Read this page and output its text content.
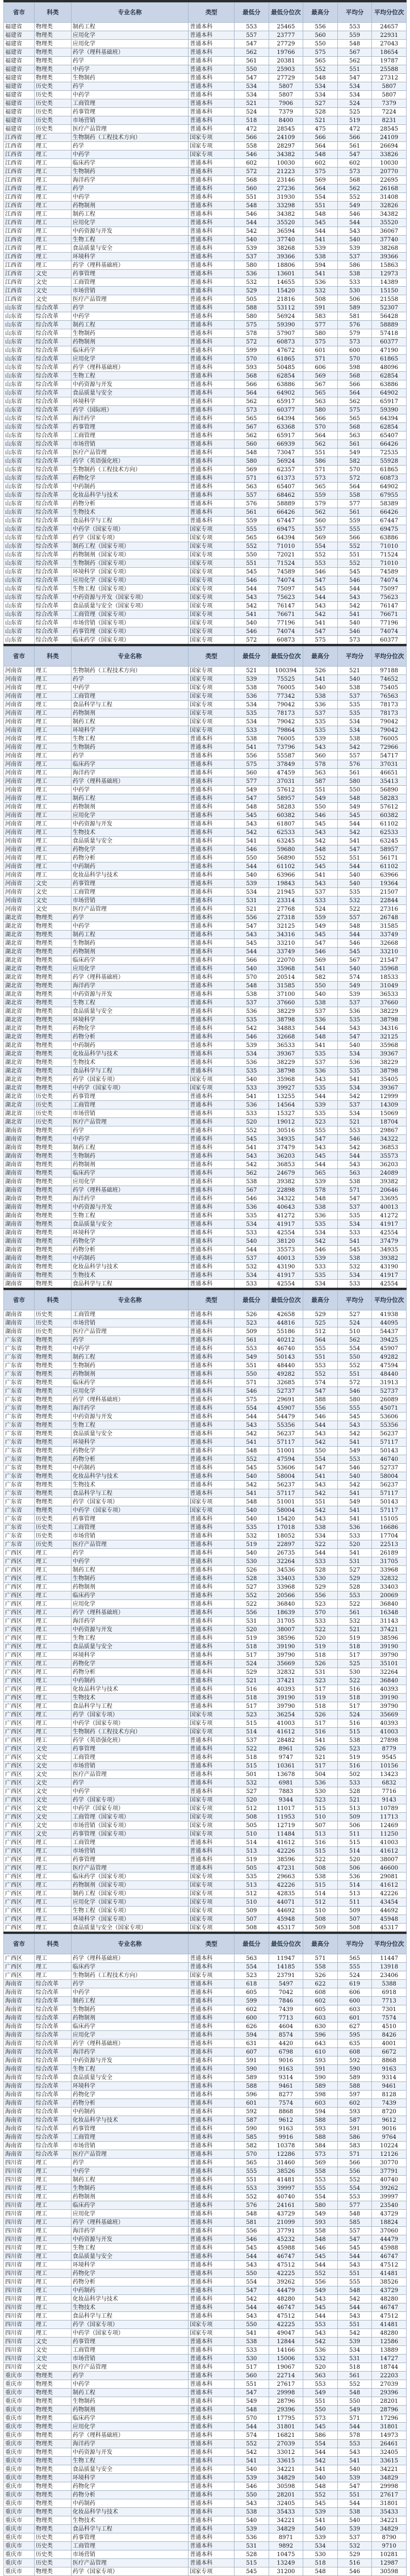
省市	科类	专业名称	类型	最低分	最低分位次	最高分	平均分	平均分位次
福建省	物理类	制药工程	普通本科	553	25465	556	553	24657
福建省	物理类	应用化学	普通本科	557	23777	560	559	22931
福建省	物理类	应用化学	普通本科	547	27729	550	548	27043
福建省	物理类	药学（理科基础班）	普通本科	562	19766	575	567	18654
福建省	物理类	药学	普通本科	561	20381	565	562	19787
福建省	物理类	中药学	普通本科	550	25903	552	551	25588
福建省	物理类	生物制药	普通本科	547	27729	548	547	27312
福建省	历史类	药学	普通本科	534	5807	534	534	5807
福建省	历史类	中药学	普通本科	534	5807	534	534	5807
福建省	历史类	工商管理	普通本科	521	7906	527	524	7379
福建省	历史类	药事管理	普通本科	524	7379	528	525	7224
福建省	历史类	市场营销	普通本科	518	8400	521	519	8231
福建省	历史类	医疗产品管理	普通本科	472	28545	475	472	28545
江西省	理工	生物制药（工程技术方向）	国家专项	566	24109	566	566	24109
江西省	理工	药学	国家专项	558	28297	564	561	26694
江西省	理工	中药学	国家专项	546	34382	548	547	33826
江西省	理工	临床药学	普通本科	602	10030	602	602	10030
江西省	理工	生物制药	普通本科	572	21223	575	573	20770
江西省	理工	海洋药学	普通本科	568	23146	569	568	22695
江西省	理工	药学	普通本科	560	27236	564	562	26168
江西省	理工	中药学	普通本科	551	31930	554	552	31408
江西省	理工	药物制剂	普通本科	548	33298	551	549	32826
江西省	理工	制药工程	普通本科	546	34382	548	546	34382
江西省	理工	应用化学	普通本科	544	35520	545	544	35520
江西省	理工	中药资源与开发	普通本科	542	36594	544	543	36067
江西省	理工	生物工程	普通本科	540	37740	541	540	37740
江西省	理工	食品质量与安全	普通本科	539	38268	539	539	38268
江西省	理工	环境科学	普通本科	537	39366	538	537	39366
江西省	理工	药学（理科基础班）	普通本科	580	18806	594	586	15863
江西省	文史	药事管理	普通本科	536	13601	541	538	12973
江西省	文史	工商管理	普通本科	532	14655	536	533	14389
江西省	文史	市场营销	普通本科	529	15420	532	530	15150
江西省	文史	医疗产品管理	普通本科	505	21816	508	506	21558
山东省	综合改革	药学	普通本科	588	53112	591	589	52307
山东省	综合改革	中药学	普通本科	580	56924	583	581	56428
山东省	综合改革	制药工程	普通本科	575	59390	577	576	58889
山东省	综合改革	生物制药	普通本科	578	57907	580	579	57418
山东省	综合改革	药物制剂	普通本科	572	60873	575	573	60377
山东省	综合改革	临床药学	普通本科	599	47672	601	600	47190
山东省	综合改革	应用化学	普通本科	570	61865	571	570	61865
山东省	综合改革	药学（理科基础班）	普通本科	593	50485	606	598	48096
山东省	综合改革	生物工程	普通本科	568	62854	569	568	62854
山东省	综合改革	中药资源与开发	普通本科	566	63886	567	566	63886
山东省	综合改革	食品质量与安全	普通本科	564	64902	565	564	64902
山东省	综合改革	环境科学	普通本科	562	65917	563	562	65917
山东省	综合改革	药学（国际班）	普通本科	573	60377	580	575	59390
山东省	综合改革	海洋药学	普通本科	565	64394	566	565	64394
山东省	综合改革	药事管理	普通本科	567	63368	570	568	62854
山东省	综合改革	工商管理	普通本科	562	65917	564	563	65407
山东省	综合改革	市场营销	普通本科	560	66939	562	561	66426
山东省	综合改革	医疗产品管理	普通本科	548	73047	551	549	72535
山东省	综合改革	药学（英语强化班）	普通本科	580	56924	586	582	55928
山东省	综合改革	生物制药（工程技术方向）	普通本科	569	62357	571	570	61865
山东省	综合改革	药物化学	普通本科	571	61373	573	572	60873
山东省	综合改革	中药制药	普通本科	563	65407	565	564	64902
山东省	综合改革	化妆品科学与技术	普通本科	557	68462	559	558	67955
山东省	综合改革	药物分析	普通本科	576	58889	579	577	58389
山东省	综合改革	生物技术	普通本科	561	66426	562	561	66426
山东省	综合改革	食品科学与工程	普通本科	559	67447	560	559	67447
山东省	综合改革	中药学（国家专项）	国家专项	555	69475	557	555	69475
山东省	综合改革	药学（国家专项）	国家专项	565	64394	569	566	63886
山东省	综合改革	制药工程（国家专项）	国家专项	552	71010	554	552	71010
山东省	综合改革	药物制剂（国家专项）	国家专项	550	72021	552	551	71524
山东省	综合改革	生物制药（国家专项）	国家专项	551	71524	553	552	71010
山东省	综合改革	环境科学（国家专项）	国家专项	545	74589	546	545	74589
山东省	综合改革	应用化学（国家专项）	国家专项	546	74074	547	546	74074
山东省	综合改革	生物工程（国家专项）	国家专项	544	75097	545	544	75097
山东省	综合改革	中药资源与开发（国家专项）	国家专项	543	75623	544	543	75623
山东省	综合改革	食品质量与安全（国家专项）	国家专项	542	76147	543	542	76147
山东省	综合改革	工商管理（国家专项）	国家专项	541	76671	542	541	76671
山东省	综合改革	市场营销（国家专项）	国家专项	540	77196	541	540	77196
山东省	综合改革	药事管理（国家专项）	国家专项	546	74074	547	546	74074
山东省	综合改革	临床药学（国家专项）	国家专项	572	60873	575	573	60377
省市	科类	专业名称	类型	最低分	最低分位次	最高分	平均分	平均分位次
河南省	理工	生物制药（工程技术方向）	国家专项	521	100394	526	521	97188
河南省	理工	药学	国家专项	539	75525	541	540	74652
河南省	理工	中药学	国家专项	538	76005	540	538	75405
河南省	理工	工商管理	国家专项	536	77342	538	537	76563
河南省	理工	食品科学与工程	国家专项	534	79042	536	535	78173
河南省	理工	药物制剂	国家专项	535	78173	537	535	78173
河南省	理工	制药工程	国家专项	534	79042	535	534	79042
河南省	理工	环境科学	国家专项	533	79864	535	534	79042
河南省	理工	生物工程	普通本科	538	76005	539	538	76005
河南省	理工	生物制药	普通本科	541	73796	543	542	72966
河南省	理工	药学	普通本科	556	55587	560	557	54717
河南省	理工	临床药学	普通本科	575	37849	578	576	37031
河南省	理工	海洋药学	普通本科	560	47459	563	561	46651
河南省	理工	药学（理科基础班）	普通本科	577	37031	587	580	35413
河南省	理工	中药学	普通本科	549	57612	551	550	56890
河南省	理工	制药工程	普通本科	547	58957	549	548	58283
河南省	理工	药物制剂	普通本科	548	58283	550	549	57612
河南省	理工	应用化学	普通本科	545	60382	546	545	60382
河南省	理工	中药资源与开发	普通本科	543	61807	545	544	61102
河南省	理工	生物技术	普通本科	542	62533	543	542	62533
河南省	理工	食品质量与安全	普通本科	541	63245	542	541	63245
河南省	理工	药物化学	普通本科	546	59680	548	547	58957
河南省	理工	药物分析	普通本科	550	56890	552	551	56171
河南省	理工	中药制药	普通本科	544	61102	545	544	61102
河南省	理工	化妆品科学与技术	普通本科	540	63966	541	540	63966
河南省	文史	药事管理	普通本科	539	19843	543	540	19364
河南省	文史	工商管理	普通本科	534	21945	537	535	21507
河南省	文史	市场营销	普通本科	531	23314	533	532	22844
河南省	文史	医疗产品管理	普通本科	521	27768	524	522	27316
湖北省	物理类	药学	普通本科	556	27318	559	557	26748
湖北省	物理类	中药学	普通本科	547	32125	549	548	31585
湖北省	物理类	制药工程	普通本科	543	34316	545	544	33749
湖北省	物理类	生物制药	普通本科	545	33210	547	546	32668
湖北省	物理类	药物制剂	普通本科	544	33749	546	545	33210
湖北省	物理类	临床药学	普通本科	566	22070	569	567	21547
湖北省	物理类	应用化学	普通本科	540	35968	541	540	35968
湖北省	物理类	药学（理科基础班）	普通本科	570	20514	582	574	18533
湖北省	物理类	海洋药学	普通本科	548	31585	550	549	31049
湖北省	物理类	中药资源与开发	普通本科	538	37100	540	539	36533
湖北省	物理类	生物工程	普通本科	537	37660	538	537	37660
湖北省	物理类	食品质量与安全	普通本科	536	38229	537	536	38229
湖北省	物理类	环境科学	普通本科	535	38798	536	535	38798
湖北省	物理类	药物化学	普通本科	542	34883	544	543	34316
湖北省	物理类	药物分析	普通本科	546	32668	548	547	32125
湖北省	物理类	中药制药	普通本科	539	36533	541	540	35968
湖北省	物理类	化妆品科学与技术	普通本科	534	39367	535	534	39367
湖北省	物理类	生物技术	普通本科	536	38229	537	536	38229
湖北省	物理类	食品科学与工程	普通本科	535	38798	536	535	38798
湖北省	物理类	药学（国家专项）	国家专项	540	35968	543	541	35405
湖北省	物理类	中药学（国家专项）	国家专项	533	39927	535	534	39367
湖北省	历史类	药事管理	普通本科	541	13255	544	542	12999
湖北省	历史类	工商管理	普通本科	536	14564	539	537	14309
湖北省	历史类	市场营销	普通本科	533	15327	535	534	15069
湖北省	历史类	医疗产品管理	普通本科	520	19012	523	521	18704
湖南省	物理类	药学	普通本科	552	30516	555	553	29867
湖南省	物理类	中药学	普通本科	545	34935	547	546	34322
湖南省	物理类	制药工程	普通本科	541	37479	543	542	36853
湖南省	物理类	生物制药	普通本科	543	36203	545	544	35573
湖南省	物理类	药物制剂	普通本科	542	36853	544	543	36203
湖南省	物理类	临床药学	普通本科	562	24679	565	563	24089
湖南省	物理类	应用化学	普通本科	538	39382	539	538	39382
湖南省	物理类	药学（理科基础班）	普通本科	567	22898	578	571	20646
湖南省	物理类	海洋药学	普通本科	546	34322	548	547	33695
湖南省	物理类	中药资源与开发	普通本科	536	40643	538	537	40013
湖南省	物理类	生物工程	普通本科	535	41272	536	535	41272
湖南省	物理类	食品质量与安全	普通本科	534	41917	535	534	41917
湖南省	物理类	环境科学	普通本科	533	42554	534	533	42554
湖南省	物理类	药物化学	普通本科	540	38120	542	541	37479
湖南省	物理类	药物分析	普通本科	544	35573	546	545	34935
湖南省	物理类	中药制药	普通本科	537	40013	539	538	39382
湖南省	物理类	化妆品科学与技术	普通本科	532	43190	533	532	43190
湖南省	物理类	生物技术	普通本科	534	41917	535	534	41917
湖南省	物理类	食品科学与工程	普通本科	533	42554	534	533	42554

省市	科类	专业名称	类型	最低分	最低分位次	最高分	平均分	平均分位次
湖南省	历史类	工商管理	普通本科	526	42658	529	527	41938
湖南省	历史类	市场营销	普通本科	523	44816	525	524	44095
湖南省	历史类	医疗产品管理	普通本科	509	55186	512	510	54437
广东省	物理类	药学	普通本科	561	40212	564	562	39425
广东省	物理类	中药学	普通本科	553	46740	555	554	45907
广东省	物理类	制药工程	普通本科	549	50143	551	550	49282
广东省	物理类	生物制药	普通本科	551	48440	553	552	47594
广东省	物理类	药物制剂	普通本科	550	49282	552	551	48440
广东省	物理类	临床药学	普通本科	571	32685	574	572	31913
广东省	物理类	应用化学	普通本科	546	52737	547	546	52737
广东省	物理类	药学（理科基础班）	普通本科	575	29691	588	580	26089
广东省	物理类	海洋药学	普通本科	554	45907	556	555	45071
广东省	物理类	中药资源与开发	普通本科	544	54479	546	545	53606
广东省	物理类	生物工程	普通本科	543	55356	544	543	55356
广东省	物理类	食品质量与安全	普通本科	542	56237	543	542	56237
广东省	物理类	环境科学	普通本科	541	57117	542	541	57117
广东省	物理类	药物化学	普通本科	548	51001	550	549	50143
广东省	物理类	药物分析	普通本科	552	47594	554	553	46740
广东省	物理类	中药制药	普通本科	545	53606	547	546	52737
广东省	物理类	化妆品科学与技术	普通本科	540	58004	541	540	58004
广东省	物理类	生物技术	普通本科	542	56237	543	542	56237
广东省	物理类	食品科学与工程	普通本科	541	57117	542	541	57117
广东省	物理类	药学（国家专项）	国家专项	548	51001	551	549	50143
广东省	物理类	中药学（国家专项）	国家专项	540	58004	542	541	57117
广东省	历史类	药事管理	普通本科	540	15420	543	541	15105
广东省	历史类	工商管理	普通本科	535	17018	538	536	16686
广东省	历史类	市场营销	普通本科	532	18052	534	533	17704
广东省	历史类	医疗产品管理	普通本科	519	22897	522	520	22513
广西区	理工	药学	普通本科	540	26735	544	541	26189
广西区	理工	中药学	普通本科	530	32264	533	531	31705
广西区	理工	制药工程	普通本科	526	34536	528	527	33968
广西区	理工	生物制药	普通本科	528	33403	530	529	32832
广西区	理工	药物制剂	普通本科	527	33968	529	528	33403
广西区	理工	临床药学	普通本科	552	20566	556	553	20069
广西区	理工	应用化学	普通本科	522	36840	523	522	36840
广西区	理工	药学（理科基础班）	普通本科	556	18639	570	561	16348
广西区	理工	海洋药学	普通本科	531	31705	533	532	31143
广西区	理工	中药资源与开发	普通本科	520	38007	522	521	37421
广西区	理工	生物工程	普通本科	519	38596	520	519	38596
广西区	理工	食品质量与安全	普通本科	518	39190	519	518	39190
广西区	理工	环境科学	普通本科	517	39790	518	517	39790
广西区	理工	药物化学	普通本科	524	35669	526	525	35101
广西区	理工	药物分析	普通本科	529	32832	531	530	32264
广西区	理工	中药制药	普通本科	521	37421	523	522	36840
广西区	理工	化妆品科学与技术	普通本科	516	40393	517	516	40393
广西区	理工	生物技术	普通本科	518	39190	519	518	39190
广西区	理工	食品科学与工程	普通本科	517	39790	518	517	39790
广西区	理工	药学（国家专项）	国家专项	523	36254	526	524	35669
广西区	理工	中药学（国家专项）	国家专项	515	41003	517	516	40393
广西区	理工	生物制药（工程技术方向）	国家专项	514	41612	516	515	41003
广西区	理工	药学（英语强化班）	普通本科	537	28482	541	538	27898
广西区	文史	药事管理	普通本科	522	8961	526	523	8779
广西区	文史	工商管理	普通本科	518	9747	521	519	9545
广西区	文史	市场营销	普通本科	515	10361	517	516	10156
广西区	文史	医疗产品管理	普通本科	501	13678	504	502	13423
广西区	文史	药学	普通本科	532	6981	536	533	6832
广西区	文史	中药学	普通本科	527	7883	530	528	7716
广西区	文史	药学（国家专项）	国家专项	520	9344	523	521	9143
广西区	文史	中药学（国家专项）	国家专项	512	11017	515	513	10789
广西区	文史	工商管理（国家专项）	国家专项	508	11953	510	509	11713
广西区	文史	市场营销（国家专项）	国家专项	505	12719	507	506	12469
广西区	文史	药事管理（国家专项）	国家专项	510	11484	513	511	11250
广西区	理工	工商管理	普通本科	514	41612	516	515	41003
广西区	理工	市场营销	普通本科	513	42226	515	514	41612
广西区	理工	药事管理	普通本科	519	38596	522	520	38007
广西区	理工	医疗产品管理	普通本科	505	47231	508	506	46600
广西区	理工	临床药学（国家专项）	国家专项	535	29663	538	536	29081
广西区	理工	药物制剂（国家专项）	国家专项	513	42226	515	514	41612
广西区	理工	制药工程（国家专项）	国家专项	512	42835	514	513	42226
广西区	理工	应用化学（国家专项）	国家专项	510	44071	512	511	43454
广西区	理工	生物工程（国家专项）	国家专项	509	44692	510	509	44692
广西区	理工	环境科学（国家专项）	国家专项	507	45948	508	507	45948
广西区	理工	食品质量与安全（国家专项）	国家专项	508	45317	509	508	45317

省市	科类	专业名称	类型	最低分	最低分位次	最高分	平均分	平均分位次
广西区	理工	药学（理科基础班）	普通本科	563	11947	571	565	11447
广西区	理工	临床药学	普通本科	554	14185	558	555	13918
广西区	理工	生物制药（工程技术方向）	国家专项	523	23791	526	524	23406
海南省	综合改革	药学	普通本科	618	5497	622	619	5388
海南省	综合改革	中药学	普通本科	605	7042	608	606	6918
海南省	综合改革	制药工程	普通本科	599	7846	602	600	7713
海南省	综合改革	生物制药	普通本科	602	7439	605	603	7301
海南省	综合改革	药物制剂	普通本科	600	7713	603	601	7574
海南省	综合改革	临床药学	普通本科	626	4604	630	627	4510
海南省	综合改革	应用化学	普通本科	594	8574	596	595	8426
海南省	综合改革	药学（理科基础班）	普通本科	631	4420	643	635	4001
海南省	综合改革	海洋药学	普通本科	607	6798	610	608	6672
海南省	综合改革	中药资源与开发	普通本科	591	9016	593	592	8868
海南省	综合改革	生物工程	普通本科	590	9163	591	590	9163
海南省	综合改革	食品质量与安全	普通本科	589	9314	590	589	9314
海南省	综合改革	环境科学	普通本科	588	9461	589	588	9461
海南省	综合改革	药物化学	普通本科	596	8277	598	597	8128
海南省	综合改革	药物分析	普通本科	601	7574	603	602	7439
海南省	综合改革	中药制药	普通本科	592	8868	594	593	8720
海南省	综合改革	化妆品科学与技术	普通本科	587	9612	588	587	9612
海南省	综合改革	药事管理	普通本科	590	9163	593	591	9016
海南省	综合改革	工商管理	普通本科	585	9916	588	586	9764
海南省	综合改革	市场营销	普通本科	582	10378	584	583	10224
海南省	综合改革	医疗产品管理	普通本科	570	12286	573	571	12126
四川省	理工	药学	普通本科	565	31460	569	566	30770
四川省	理工	中药学	普通本科	555	38526	558	556	37791
四川省	理工	制药工程	普通本科	551	41481	553	552	40740
四川省	理工	生物制药	普通本科	553	39997	555	554	39262
四川省	理工	药物制剂	普通本科	552	40740	554	553	39997
四川省	理工	临床药学	普通本科	576	24161	580	577	23540
四川省	理工	应用化学	普通本科	548	43729	549	548	43729
四川省	理工	药学（理科基础班）	普通本科	581	21099	593	585	18824
四川省	理工	海洋药学	普通本科	556	37791	558	557	37060
四川省	理工	中药资源与开发	普通本科	546	45232	548	547	44479
四川省	理工	生物工程	普通本科	545	45988	546	545	45988
四川省	理工	食品质量与安全	普通本科	544	46747	545	544	46747
四川省	理工	环境科学	普通本科	543	47512	544	543	47512
四川省	理工	药物化学	普通本科	550	42225	552	551	41481
四川省	理工	药物分析	普通本科	554	39262	556	555	38526
四川省	理工	中药制药	普通本科	547	44479	549	548	43729
四川省	理工	化妆品科学与技术	普通本科	542	48280	543	542	48280
四川省	理工	生物技术	普通本科	544	46747	545	544	46747
四川省	理工	食品科学与工程	普通本科	543	47512	544	543	47512
四川省	理工	药学（国家专项）	国家专项	550	42225	553	551	41481
四川省	理工	中药学（国家专项）	国家专项	541	49047	543	542	48280
四川省	文史	药事管理	普通本科	538	12844	542	539	12586
四川省	文史	工商管理	普通本科	533	14166	536	534	13889
四川省	文史	市场营销	普通本科	530	15006	532	531	14727
四川省	文史	医疗产品管理	普通本科	517	19067	520	518	18744
重庆市	物理类	药学	普通本科	560	22714	563	561	22203
重庆市	物理类	中药学	普通本科	551	27617	553	552	27039
重庆市	物理类	制药工程	普通本科	547	29998	549	548	29396
重庆市	物理类	生物制药	普通本科	549	28796	551	550	28201
重庆市	物理类	药物制剂	普通本科	548	29396	550	549	28796
重庆市	物理类	临床药学	普通本科	570	17795	573	571	17296
重庆市	物理类	应用化学	普通本科	544	31801	545	544	31801
重庆市	物理类	药学（理科基础班）	普通本科	574	16821	586	578	14973
重庆市	物理类	海洋药学	普通本科	552	27039	554	553	26461
重庆市	物理类	中药资源与开发	普通本科	542	33012	544	543	32405
重庆市	物理类	生物工程	普通本科	541	33615	542	541	33615
重庆市	物理类	食品质量与安全	普通本科	540	34221	541	540	34221
重庆市	物理类	环境科学	普通本科	539	34829	540	539	34829
重庆市	物理类	药物化学	普通本科	546	30598	548	547	29998
重庆市	物理类	药物分析	普通本科	550	28201	552	551	27617
重庆市	物理类	中药制药	普通本科	543	32405	545	544	31801
重庆市	物理类	化妆品科学与技术	普通本科	538	35433	539	538	35433
重庆市	物理类	生物技术	普通本科	540	34221	541	540	34221
重庆市	物理类	食品科学与工程	普通本科	539	34829	540	539	34829
重庆市	历史类	药事管理	普通本科	536	8971	539	537	8790
重庆市	历史类	工商管理	普通本科	531	9892	534	532	9710
重庆市	历史类	市场营销	普通本科	528	10475	530	529	10281
重庆市	历史类	医疗产品管理	普通本科	515	13249	518	516	12987
重庆市	物理类	药学（国家专项）	国家专项	545	31200	548	546	30598
